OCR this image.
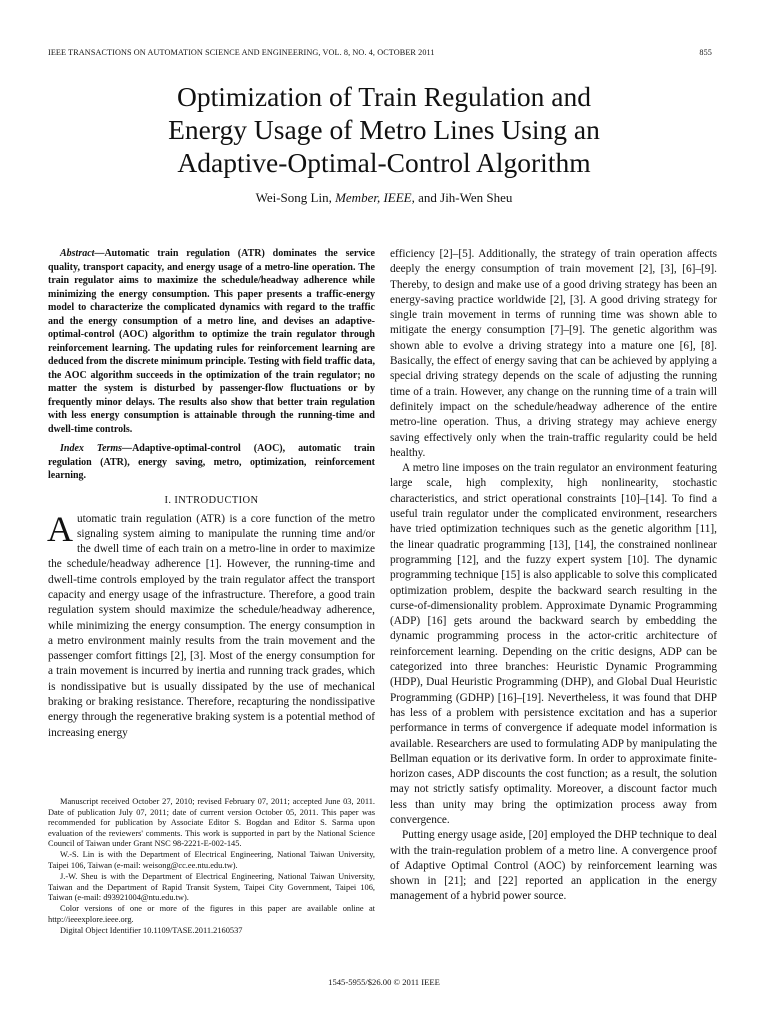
IEEE TRANSACTIONS ON AUTOMATION SCIENCE AND ENGINEERING, VOL. 8, NO. 4, OCTOBER 2011	855
Optimization of Train Regulation and
Energy Usage of Metro Lines Using an
Adaptive-Optimal-Control Algorithm
Wei-Song Lin, Member, IEEE, and Jih-Wen Sheu

Abstract—Automatic train regulation (ATR) dominates the service quality, transport capacity, and energy usage of a metro-line operation. The train regulator aims to maximize the schedule/headway adherence while minimizing the energy consumption. This paper presents a traffic-energy model to characterize the complicated dynamics with regard to the traffic and the energy consumption of a metro line, and devises an adaptive-optimal-control (AOC) algorithm to optimize the train regulator through reinforcement learning. The updating rules for reinforcement learning are deduced from the discrete minimum principle. Testing with field traffic data, the AOC algorithm succeeds in the optimization of the train regulator; no matter the system is disturbed by passenger-flow fluctuations or by frequently minor delays. The results also show that better train regulation with less energy consumption is attainable through the running-time and dwell-time controls.

Index Terms—Adaptive-optimal-control (AOC), automatic train regulation (ATR), energy saving, metro, optimization, reinforcement learning.

I. INTRODUCTION

Automatic train regulation (ATR) is a core function of the metro signaling system aiming to manipulate the running time and/or the dwell time of each train on a metro-line in order to maximize the schedule/headway adherence [1]. However, the running-time and dwell-time controls employed by the train regulator affect the transport capacity and energy usage of the infrastructure. Therefore, a good train regulation system should maximize the schedule/headway adherence, while minimizing the energy consumption. The energy consumption in a metro environment mainly results from the train movement and the passenger comfort fittings [2], [3]. Most of the energy consumption for a train movement is incurred by inertia and running track grades, which is nondissipative but is usually dissipated by the use of mechanical braking or braking resistance. Therefore, recapturing the nondissipative energy through the regenerative braking system is a potential method of increasing energy

efficiency [2]–[5]. Additionally, the strategy of train operation affects deeply the energy consumption of train movement [2], [3], [6]–[9]. Thereby, to design and make use of a good driving strategy has been an energy-saving practice worldwide [2], [3]. A good driving strategy for single train movement in terms of running time was shown able to mitigate the energy consumption [7]–[9]. The genetic algorithm was shown able to evolve a driving strategy into a mature one [6], [8]. Basically, the effect of energy saving that can be achieved by applying a special driving strategy depends on the scale of adjusting the running time of a train. However, any change on the running time of a train will definitely impact on the schedule/headway adherence of the entire metro-line operation. Thus, a driving strategy may achieve energy saving effectively only when the train-traffic regularity could be held healthy.

A metro line imposes on the train regulator an environment featuring large scale, high complexity, high nonlinearity, stochastic characteristics, and strict operational constraints [10]–[14]. To find a useful train regulator under the complicated environment, researchers have tried optimization techniques such as the genetic algorithm [11], the linear quadratic programming [13], [14], the constrained nonlinear programming [12], and the fuzzy expert system [10]. The dynamic programming technique [15] is also applicable to solve this complicated optimization problem, despite the backward search resulting in the curse-of-dimensionality problem. Approximate Dynamic Programming (ADP) [16] gets around the backward search by embedding the dynamic programming process in the actor-critic architecture of reinforcement learning. Depending on the critic designs, ADP can be categorized into three branches: Heuristic Dynamic Programming (HDP), Dual Heuristic Programming (DHP), and Global Dual Heuristic Programming (GDHP) [16]–[19]. Nevertheless, it was found that DHP has less of a problem with persistence excitation and has a superior performance in terms of convergence if adequate model information is available. Researchers are used to formulating ADP by manipulating the Bellman equation or its derivative form. In order to approximate finite-horizon cases, ADP discounts the cost function; as a result, the solution may not strictly satisfy optimality. Moreover, a discount factor much less than unity may bring the optimization process away from convergence.

Putting energy usage aside, [20] employed the DHP technique to deal with the train-regulation problem of a metro line. A convergence proof of Adaptive Optimal Control (AOC) by reinforcement learning was shown in [21]; and [22] reported an application in the energy management of a hybrid power source.

Manuscript received October 27, 2010; revised February 07, 2011; accepted June 03, 2011. Date of publication July 07, 2011; date of current version October 05, 2011. This paper was recommended for publication by Associate Editor S. Bogdan and Editor S. Sarma upon evaluation of the reviewers' comments. This work is supported in part by the National Science Council of Taiwan under Grant NSC 98-2221-E-002-145.

W.-S. Lin is with the Department of Electrical Engineering, National Taiwan University, Taipei 106, Taiwan (e-mail: weisong@cc.ee.ntu.edu.tw).

J.-W. Sheu is with the Department of Electrical Engineering, National Taiwan University, Taiwan and the Department of Rapid Transit System, Taipei City Government, Taipei 106, Taiwan (e-mail: d93921004@ntu.edu.tw).

Color versions of one or more of the figures in this paper are available online at http://ieeexplore.ieee.org.

Digital Object Identifier 10.1109/TASE.2011.2160537

1545-5955/$26.00 © 2011 IEEE
